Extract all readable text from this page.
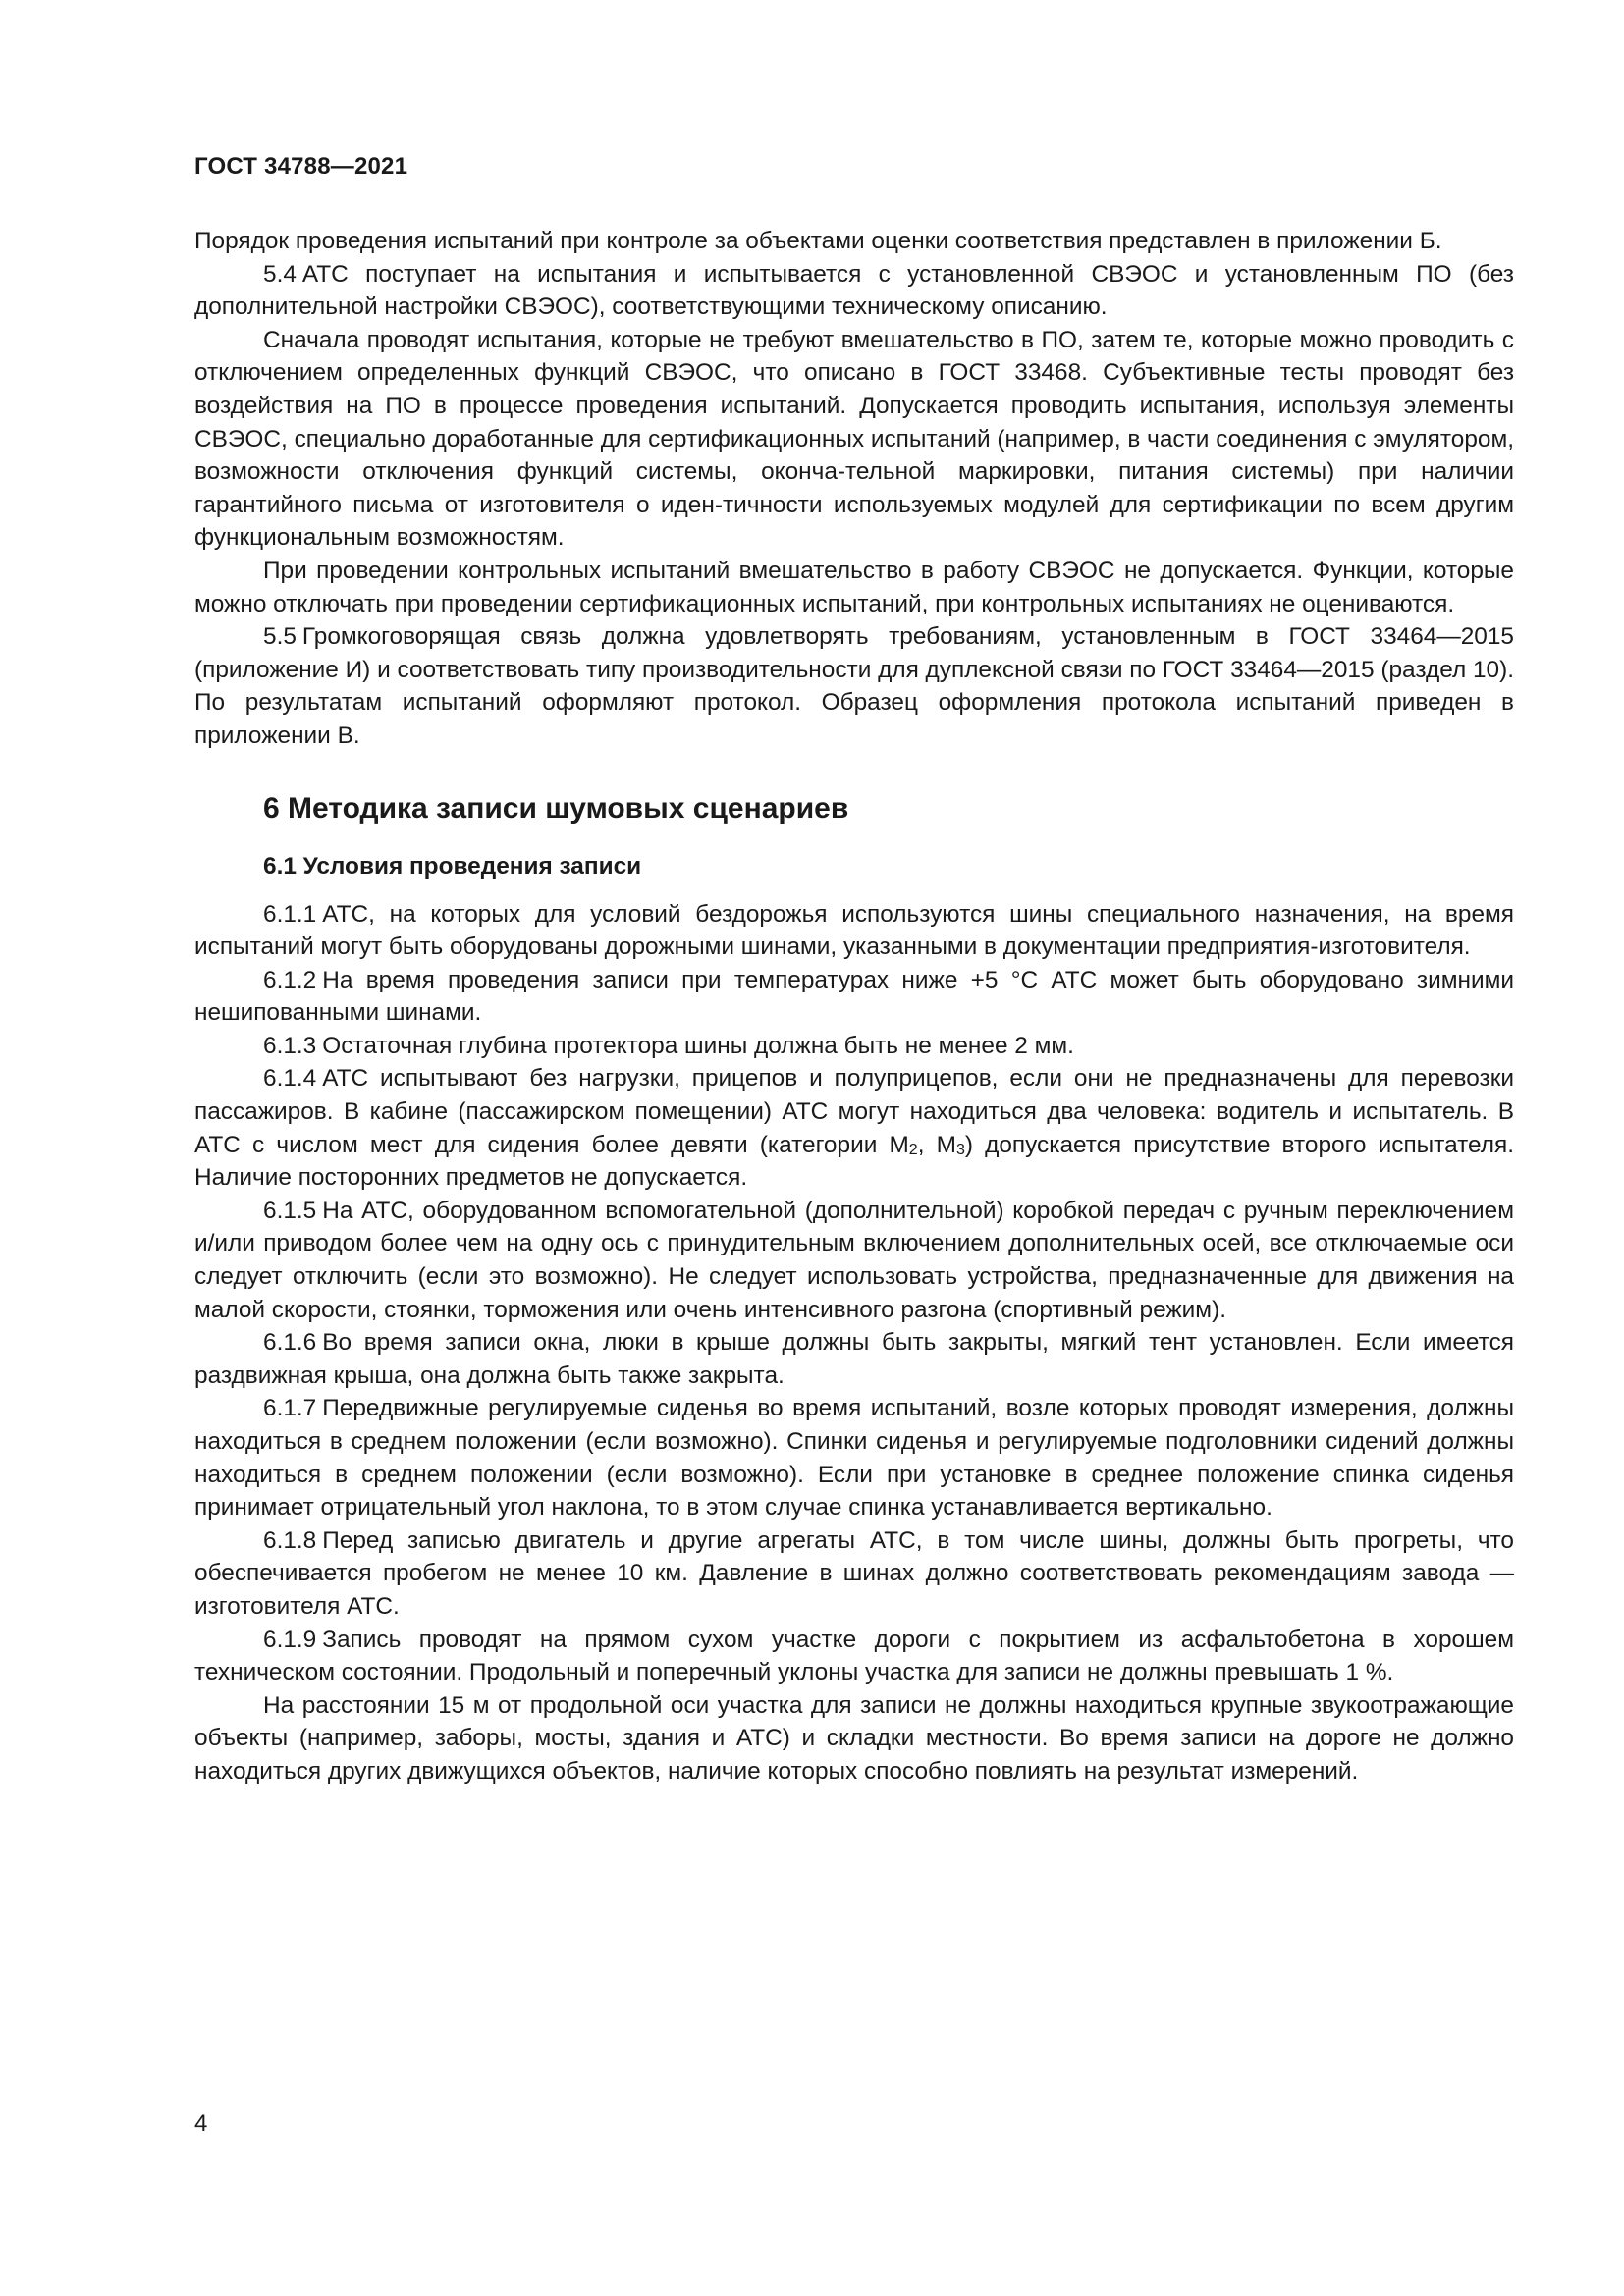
ГОСТ 34788—2021

Порядок проведения испытаний при контроле за объектами оценки соответствия представлен в приложении Б.

5.4 АТС поступает на испытания и испытывается с установленной СВЭОС и установленным ПО (без дополнительной настройки СВЭОС), соответствующими техническому описанию.

Сначала проводят испытания, которые не требуют вмешательство в ПО, затем те, которые можно проводить с отключением определенных функций СВЭОС, что описано в ГОСТ 33468. Субъективные тесты проводят без воздействия на ПО в процессе проведения испытаний. Допускается проводить испытания, используя элементы СВЭОС, специально доработанные для сертификационных испытаний (например, в части соединения с эмулятором, возможности отключения функций системы, оконча-тельной маркировки, питания системы) при наличии гарантийного письма от изготовителя о иден-тичности используемых модулей для сертификации по всем другим функциональным возможностям.

При проведении контрольных испытаний вмешательство в работу СВЭОС не допускается. Функции, которые можно отключать при проведении сертификационных испытаний, при контрольных испытаниях не оцениваются.

5.5 Громкоговорящая связь должна удовлетворять требованиям, установленным в ГОСТ 33464—2015 (приложение И) и соответствовать типу производительности для дуплексной связи по ГОСТ 33464—2015 (раздел 10). По результатам испытаний оформляют протокол. Образец оформления протокола испытаний приведен в приложении В.

6 Методика записи шумовых сценариев
6.1 Условия проведения записи

6.1.1 АТС, на которых для условий бездорожья используются шины специального назначения, на время испытаний могут быть оборудованы дорожными шинами, указанными в документации предприятия-изготовителя.

6.1.2 На время проведения записи при температурах ниже +5 °С АТС может быть оборудовано зимними нешипованными шинами.

6.1.3 Остаточная глубина протектора шины должна быть не менее 2 мм.

6.1.4 АТС испытывают без нагрузки, прицепов и полуприцепов, если они не предназначены для перевозки пассажиров. В кабине (пассажирском помещении) АТС могут находиться два человека: водитель и испытатель. В АТС с числом мест для сидения более девяти (категории $М_2$, $М_3$) допускается присутствие второго испытателя. Наличие посторонних предметов не допускается.

6.1.5 На АТС, оборудованном вспомогательной (дополнительной) коробкой передач с ручным переключением и/или приводом более чем на одну ось с принудительным включением дополнительных осей, все отключаемые оси следует отключить (если это возможно). Не следует использовать устройства, предназначенные для движения на малой скорости, стоянки, торможения или очень интенсивного разгона (спортивный режим).

6.1.6 Во время записи окна, люки в крыше должны быть закрыты, мягкий тент установлен. Если имеется раздвижная крыша, она должна быть также закрыта.

6.1.7 Передвижные регулируемые сиденья во время испытаний, возле которых проводят измерения, должны находиться в среднем положении (если возможно). Спинки сиденья и регулируемые подголовники сидений должны находиться в среднем положении (если возможно). Если при установке в среднее положение спинка сиденья принимает отрицательный угол наклона, то в этом случае спинка устанавливается вертикально.

6.1.8 Перед записью двигатель и другие агрегаты АТС, в том числе шины, должны быть прогреты, что обеспечивается пробегом не менее 10 км. Давление в шинах должно соответствовать рекомендациям завода — изготовителя АТС.

6.1.9 Запись проводят на прямом сухом участке дороги с покрытием из асфальтобетона в хорошем техническом состоянии. Продольный и поперечный уклоны участка для записи не должны превышать 1 %.

На расстоянии 15 м от продольной оси участка для записи не должны находиться крупные звукоотражающие объекты (например, заборы, мосты, здания и АТС) и складки местности. Во время записи на дороге не должно находиться других движущихся объектов, наличие которых способно повлиять на результат измерений.

4
